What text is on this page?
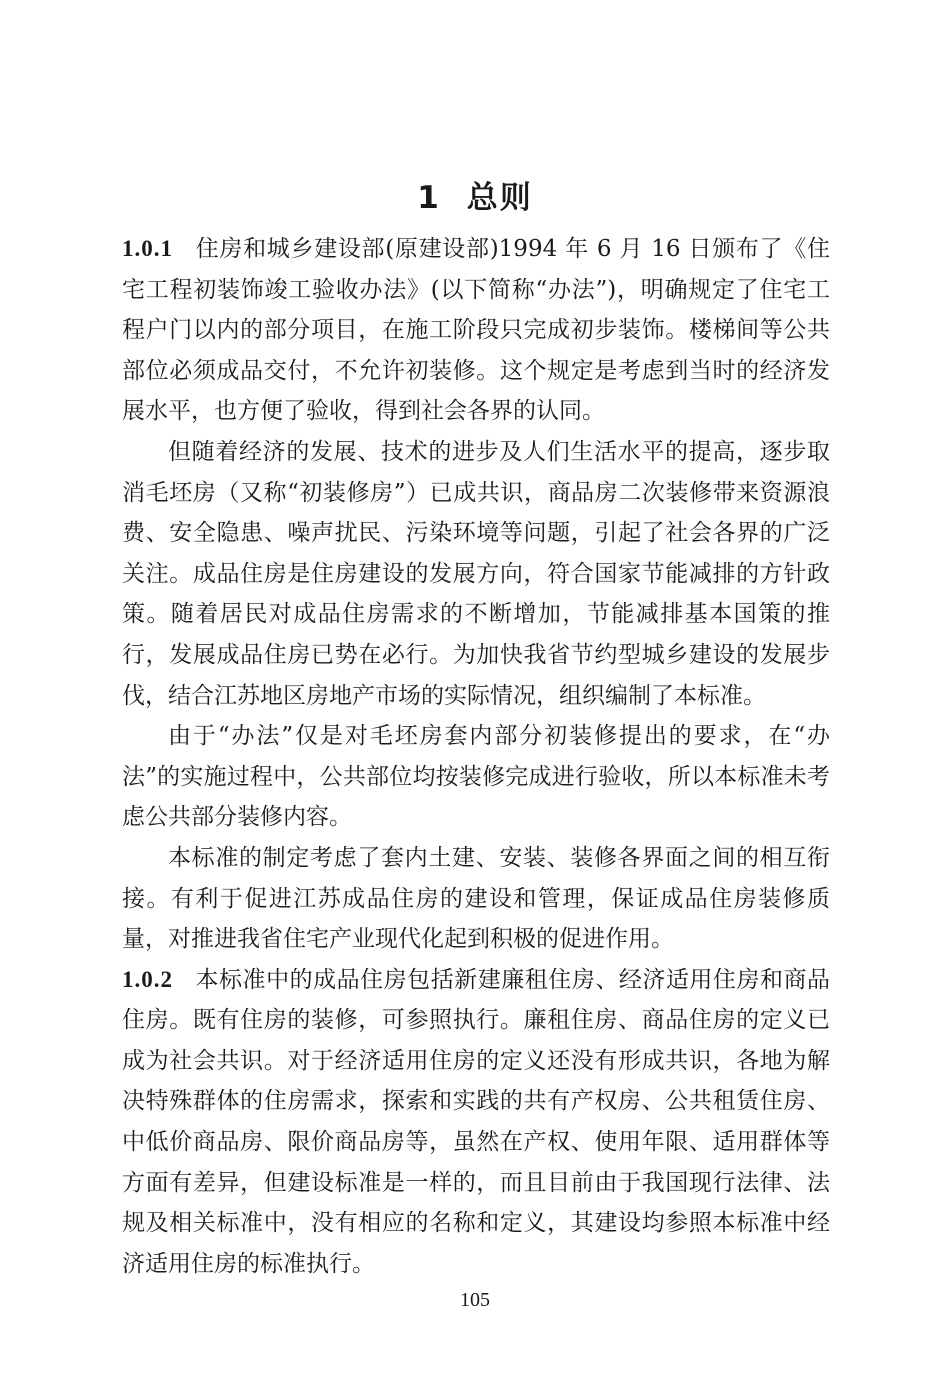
1 总则

1.0.1 住房和城乡建设部(原建设部)1994 年 6 月 16 日颁布了《住宅工程初装饰竣工验收办法》(以下简称“办法”)，明确规定了住宅工程户门以内的部分项目，在施工阶段只完成初步装饰。楼梯间等公共部位必须成品交付，不允许初装修。这个规定是考虑到当时的经济发展水平，也方便了验收，得到社会各界的认同。

但随着经济的发展、技术的进步及人们生活水平的提高，逐步取消毛坯房（又称“初装修房”）已成共识，商品房二次装修带来资源浪费、安全隐患、噪声扰民、污染环境等问题，引起了社会各界的广泛关注。成品住房是住房建设的发展方向，符合国家节能减排的方针政策。随着居民对成品住房需求的不断增加，节能减排基本国策的推行，发展成品住房已势在必行。为加快我省节约型城乡建设的发展步伐，结合江苏地区房地产市场的实际情况，组织编制了本标准。

由于“办法”仅是对毛坯房套内部分初装修提出的要求，在“办法”的实施过程中，公共部位均按装修完成进行验收，所以本标准未考虑公共部分装修内容。

本标准的制定考虑了套内土建、安装、装修各界面之间的相互衔接。有利于促进江苏成品住房的建设和管理，保证成品住房装修质量，对推进我省住宅产业现代化起到积极的促进作用。

1.0.2 本标准中的成品住房包括新建廉租住房、经济适用住房和商品住房。既有住房的装修，可参照执行。廉租住房、商品住房的定义已成为社会共识。对于经济适用住房的定义还没有形成共识，各地为解决特殊群体的住房需求，探索和实践的共有产权房、公共租赁住房、中低价商品房、限价商品房等，虽然在产权、使用年限、适用群体等方面有差异，但建设标准是一样的，而且目前由于我国现行法律、法规及相关标准中，没有相应的名称和定义，其建设均参照本标准中经济适用住房的标准执行。

105
